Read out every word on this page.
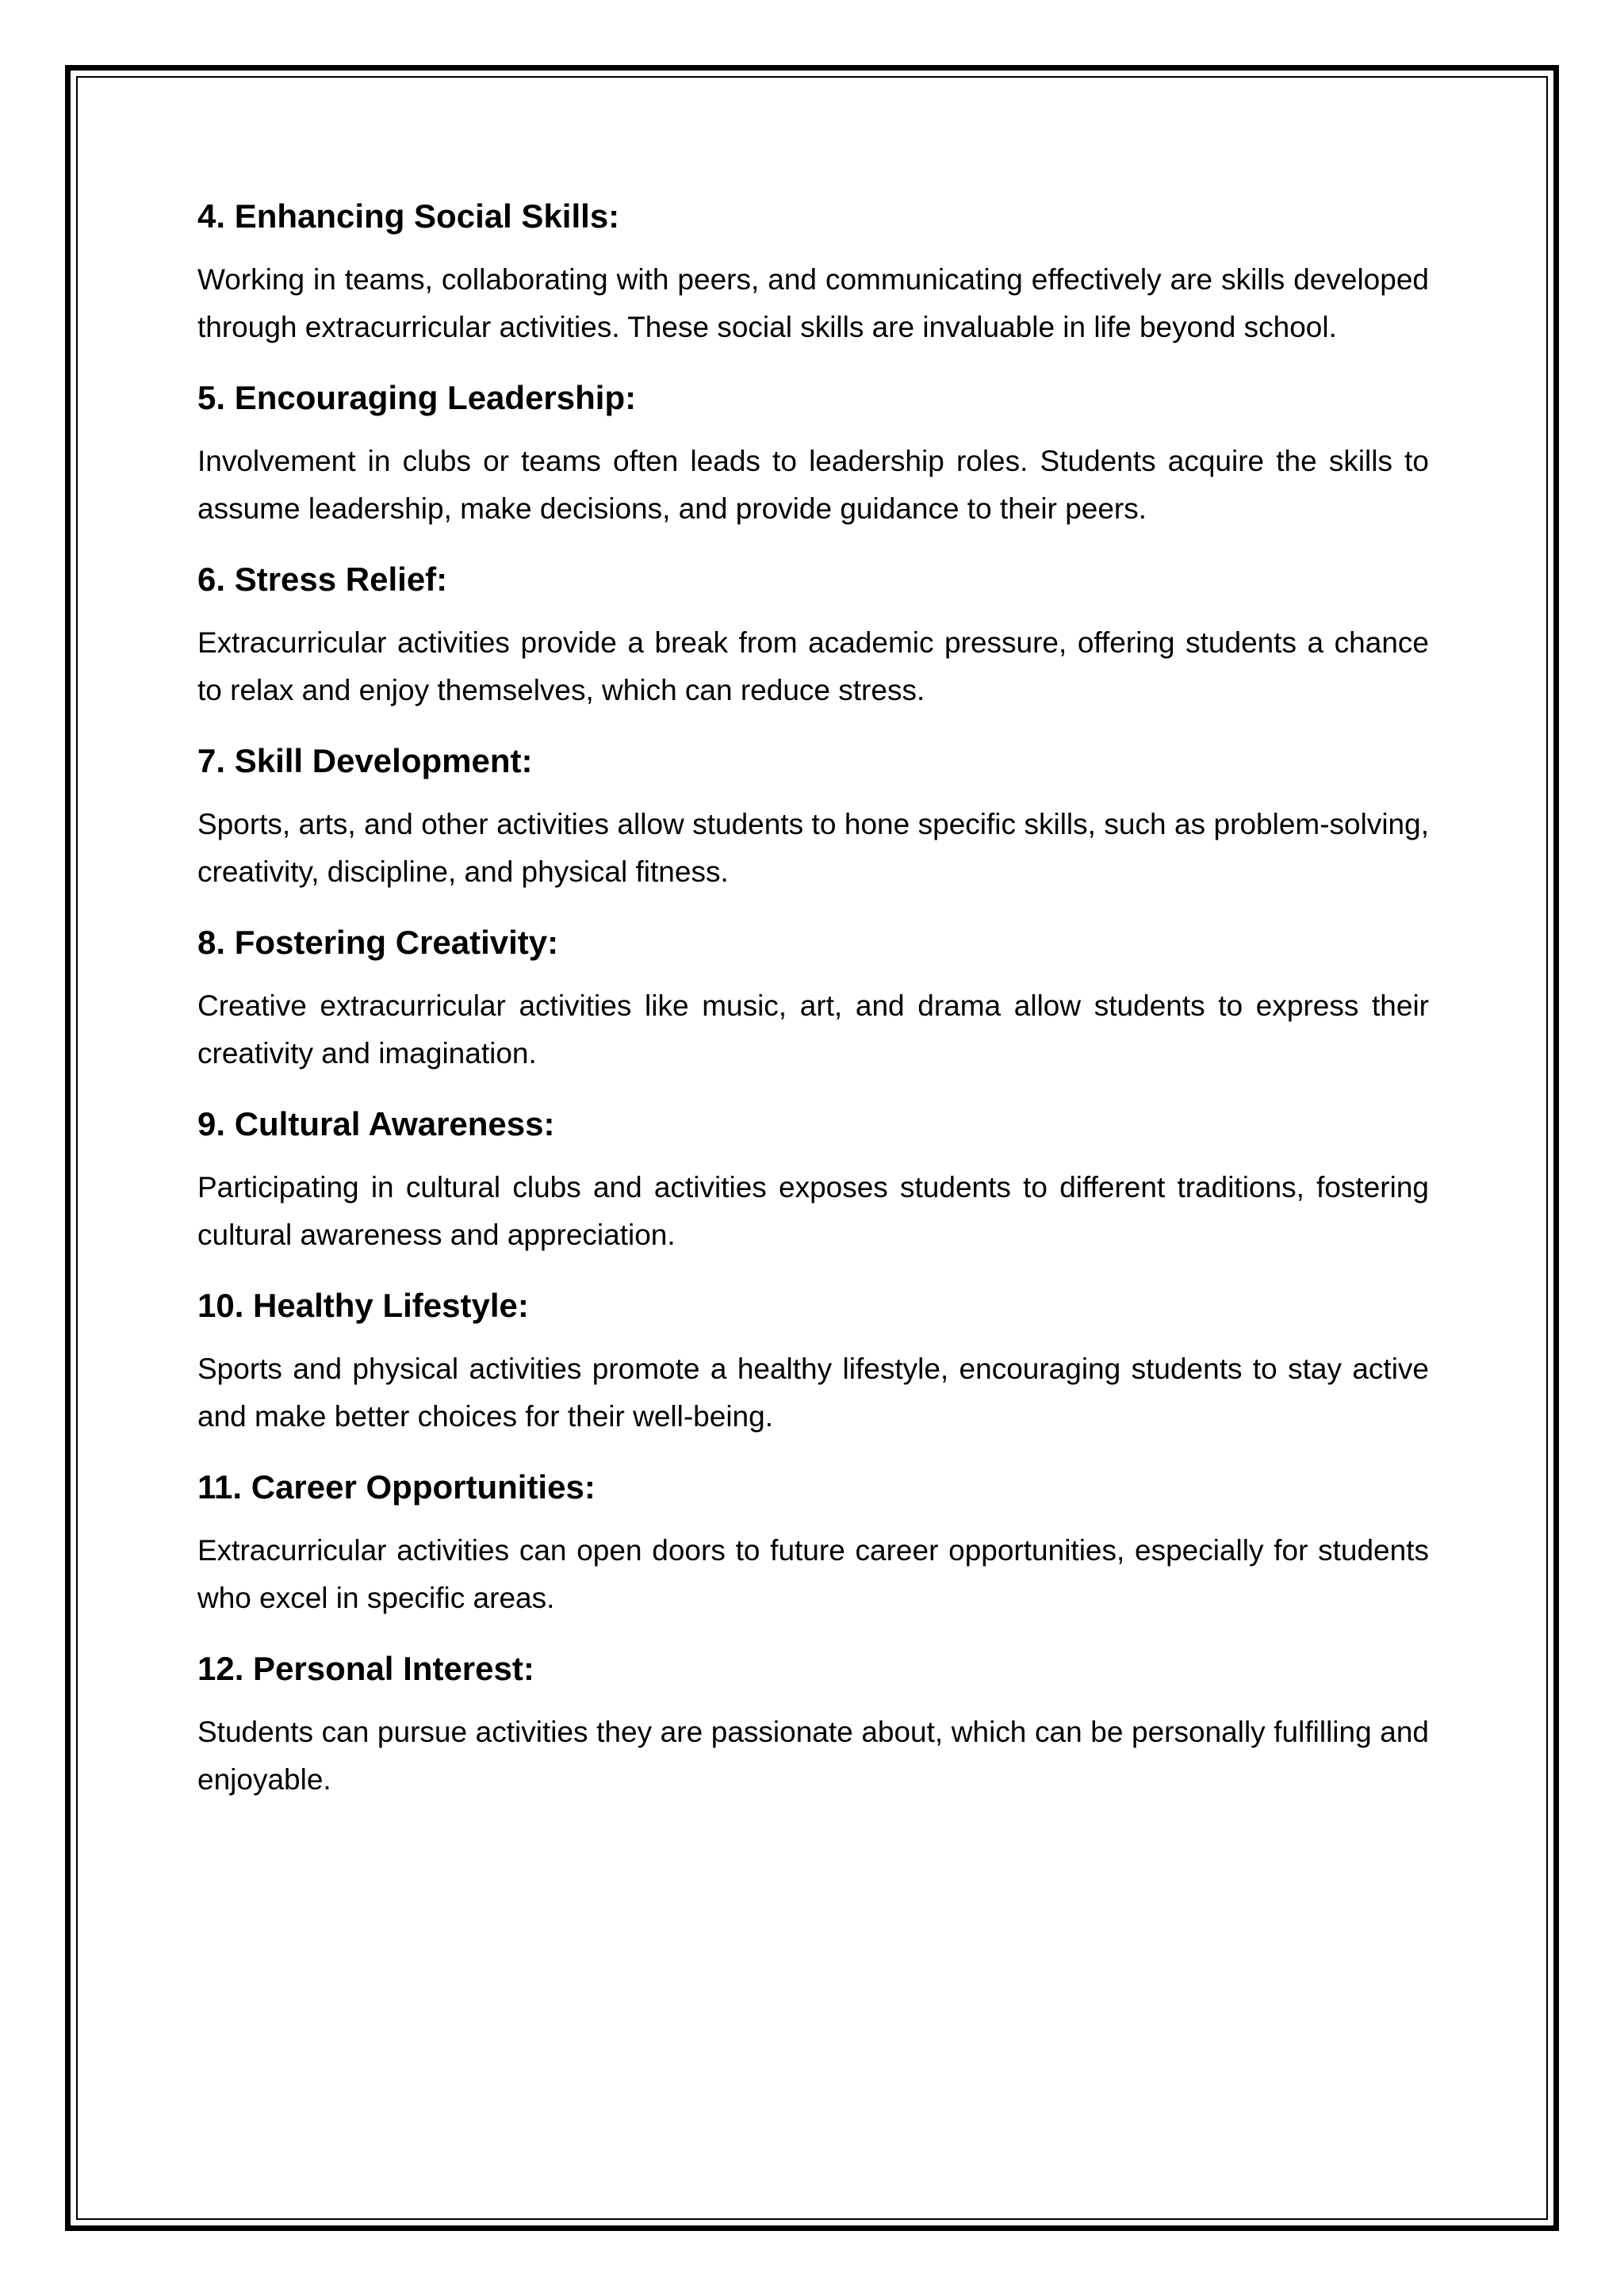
4. Enhancing Social Skills:

Working in teams, collaborating with peers, and communicating effectively are skills developed through extracurricular activities. These social skills are invaluable in life beyond school.

5. Encouraging Leadership:

Involvement in clubs or teams often leads to leadership roles. Students acquire the skills to assume leadership, make decisions, and provide guidance to their peers.

6. Stress Relief:

Extracurricular activities provide a break from academic pressure, offering students a chance to relax and enjoy themselves, which can reduce stress.

7. Skill Development:

Sports, arts, and other activities allow students to hone specific skills, such as problem-solving, creativity, discipline, and physical fitness.

8. Fostering Creativity:

Creative extracurricular activities like music, art, and drama allow students to express their creativity and imagination.

9. Cultural Awareness:

Participating in cultural clubs and activities exposes students to different traditions, fostering cultural awareness and appreciation.

10. Healthy Lifestyle:

Sports and physical activities promote a healthy lifestyle, encouraging students to stay active and make better choices for their well-being.

11. Career Opportunities:

Extracurricular activities can open doors to future career opportunities, especially for students who excel in specific areas.

12. Personal Interest:

Students can pursue activities they are passionate about, which can be personally fulfilling and enjoyable.
